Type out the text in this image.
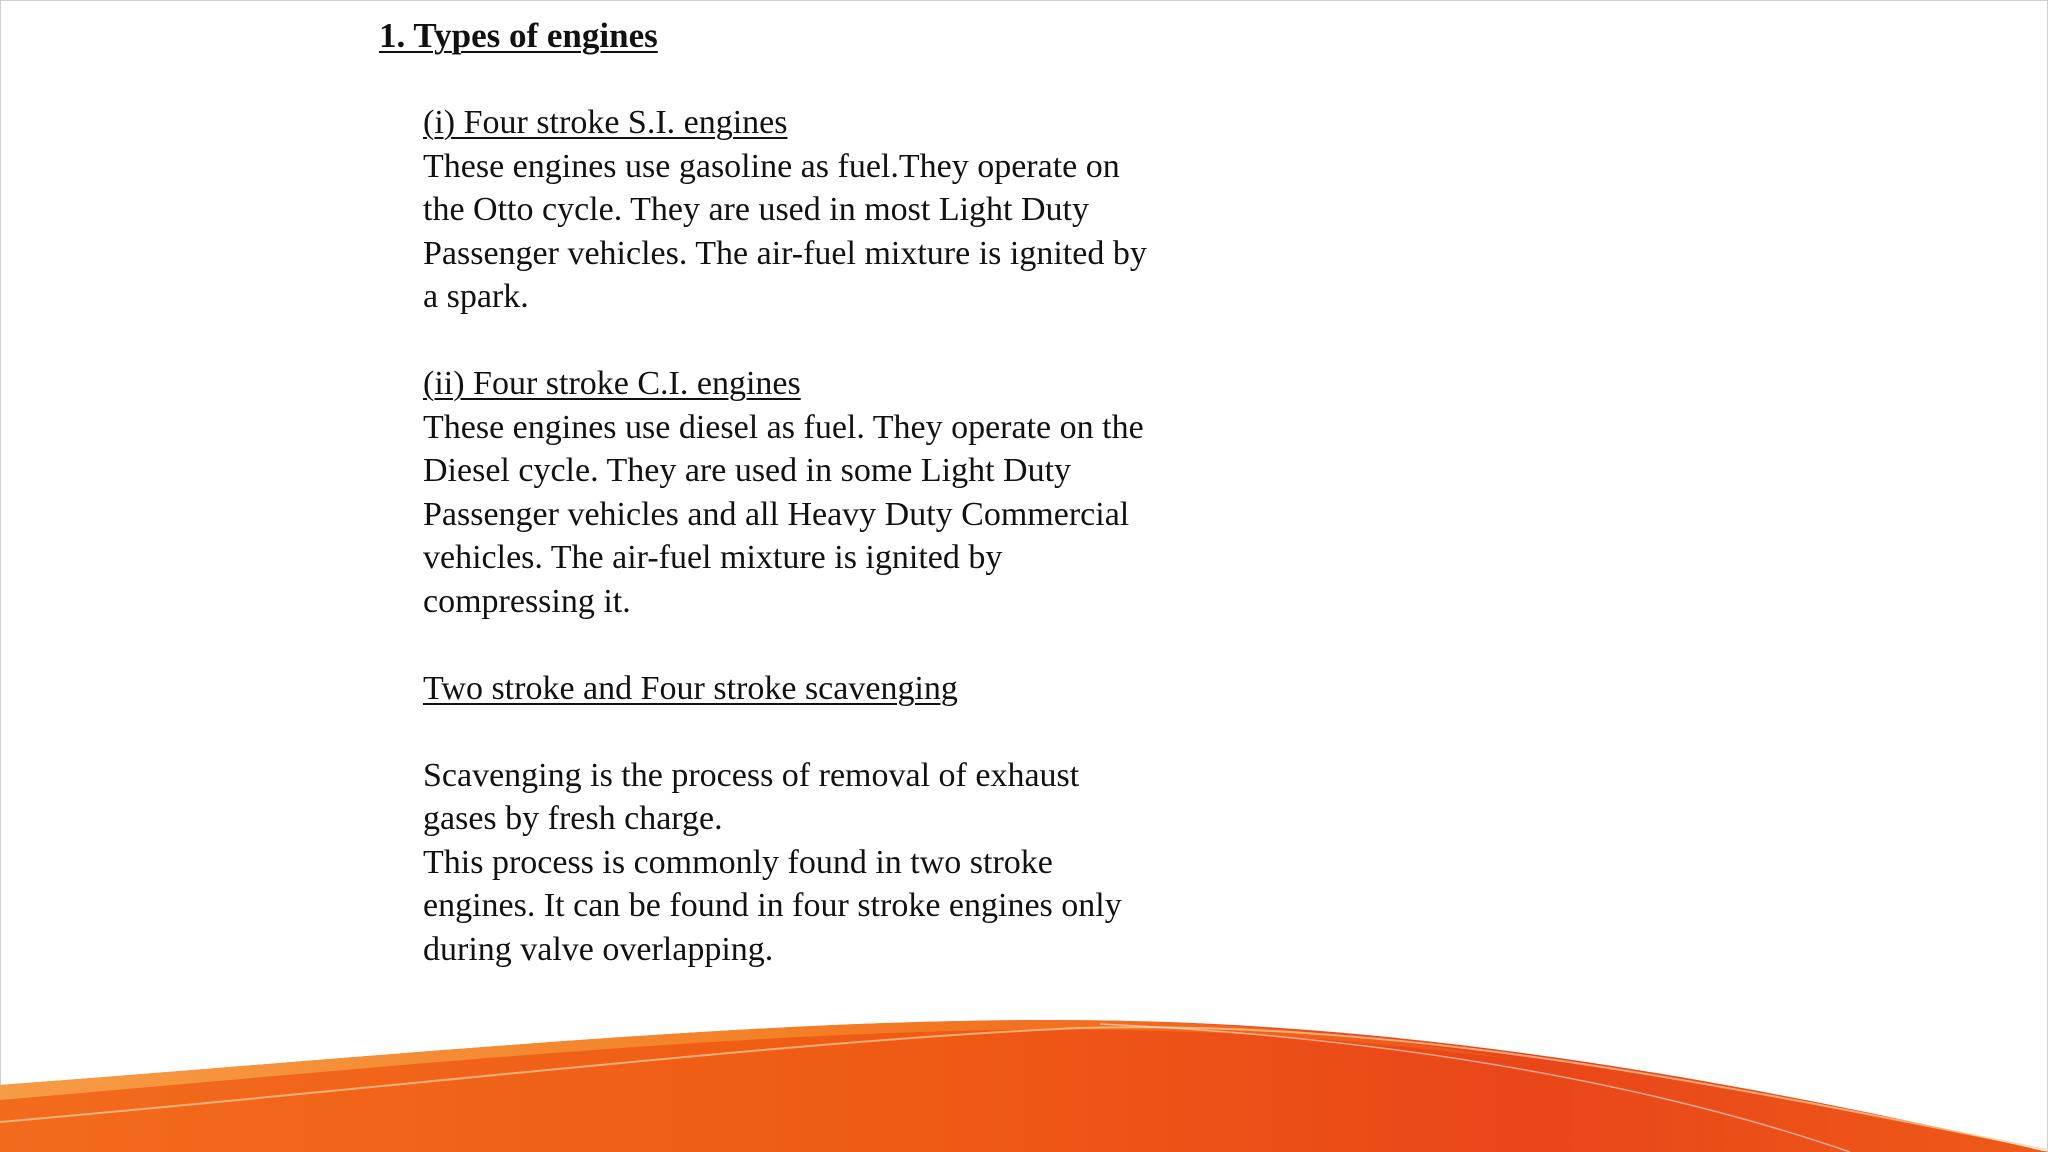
1. Types of engines
(i) Four stroke S.I. engines
These engines use gasoline as fuel.They operate on
the Otto cycle. They are used in most Light Duty
Passenger vehicles. The air-fuel mixture is ignited by
a spark.
(ii) Four stroke C.I. engines
These engines use diesel as fuel. They operate on the
Diesel cycle. They are used in some Light Duty
Passenger vehicles and all Heavy Duty Commercial
vehicles. The air-fuel mixture is ignited by
compressing it.
Two stroke and Four stroke scavenging
Scavenging is the process of removal of exhaust
gases by fresh charge.
This process is commonly found in two stroke
engines. It can be found in four stroke engines only
during valve overlapping.
